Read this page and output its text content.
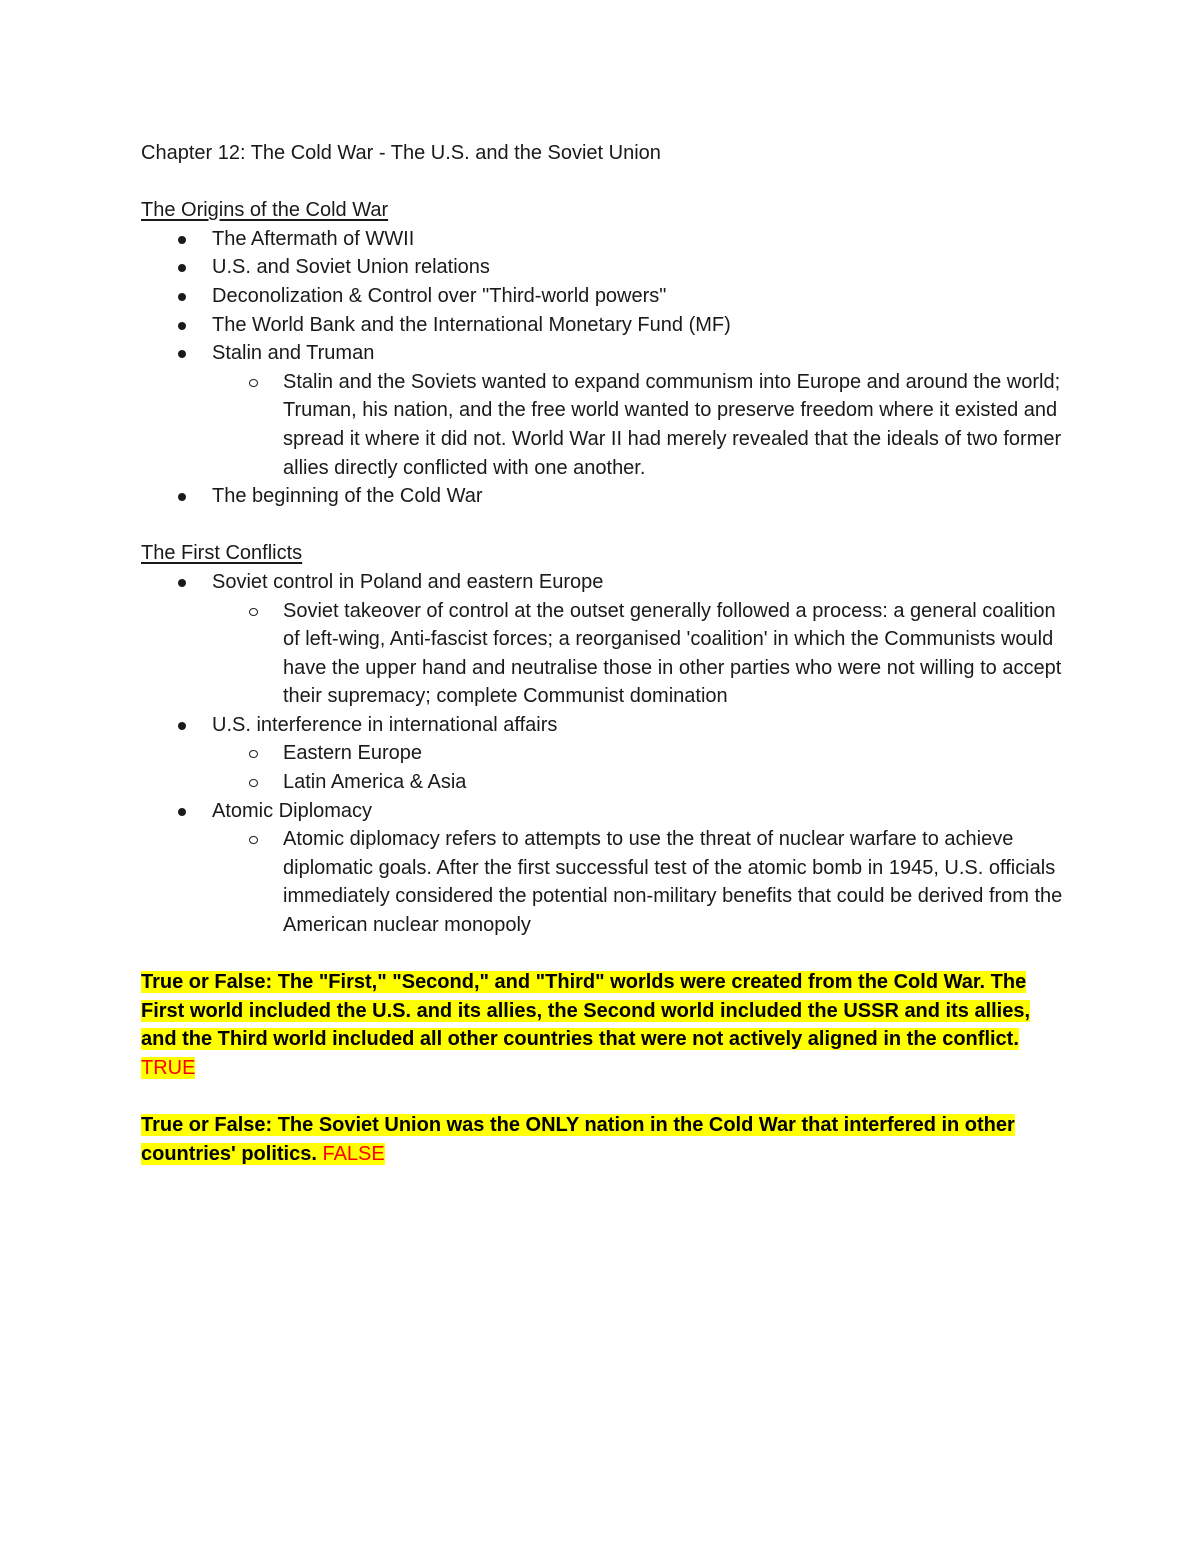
Chapter 12: The Cold War - The U.S. and the Soviet Union
The Origins of the Cold War
The Aftermath of WWII
U.S. and Soviet Union relations
Deconolization & Control over "Third-world powers"
The World Bank and the International Monetary Fund (MF)
Stalin and Truman
Stalin and the Soviets wanted to expand communism into Europe and around the world; Truman, his nation, and the free world wanted to preserve freedom where it existed and spread it where it did not. World War II had merely revealed that the ideals of two former allies directly conflicted with one another.
The beginning of the Cold War
The First Conflicts
Soviet control in Poland and eastern Europe
Soviet takeover of control at the outset generally followed a process: a general coalition of left-wing, Anti-fascist forces; a reorganised 'coalition' in which the Communists would have the upper hand and neutralise those in other parties who were not willing to accept their supremacy; complete Communist domination
U.S. interference in international affairs
Eastern Europe
Latin America & Asia
Atomic Diplomacy
Atomic diplomacy refers to attempts to use the threat of nuclear warfare to achieve diplomatic goals. After the first successful test of the atomic bomb in 1945, U.S. officials immediately considered the potential non-military benefits that could be derived from the American nuclear monopoly
True or False: The "First," "Second," and "Third" worlds were created from the Cold War. The First world included the U.S. and its allies, the Second world included the USSR and its allies, and the Third world included all other countries that were not actively aligned in the conflict. TRUE
True or False: The Soviet Union was the ONLY nation in the Cold War that interfered in other countries' politics. FALSE
